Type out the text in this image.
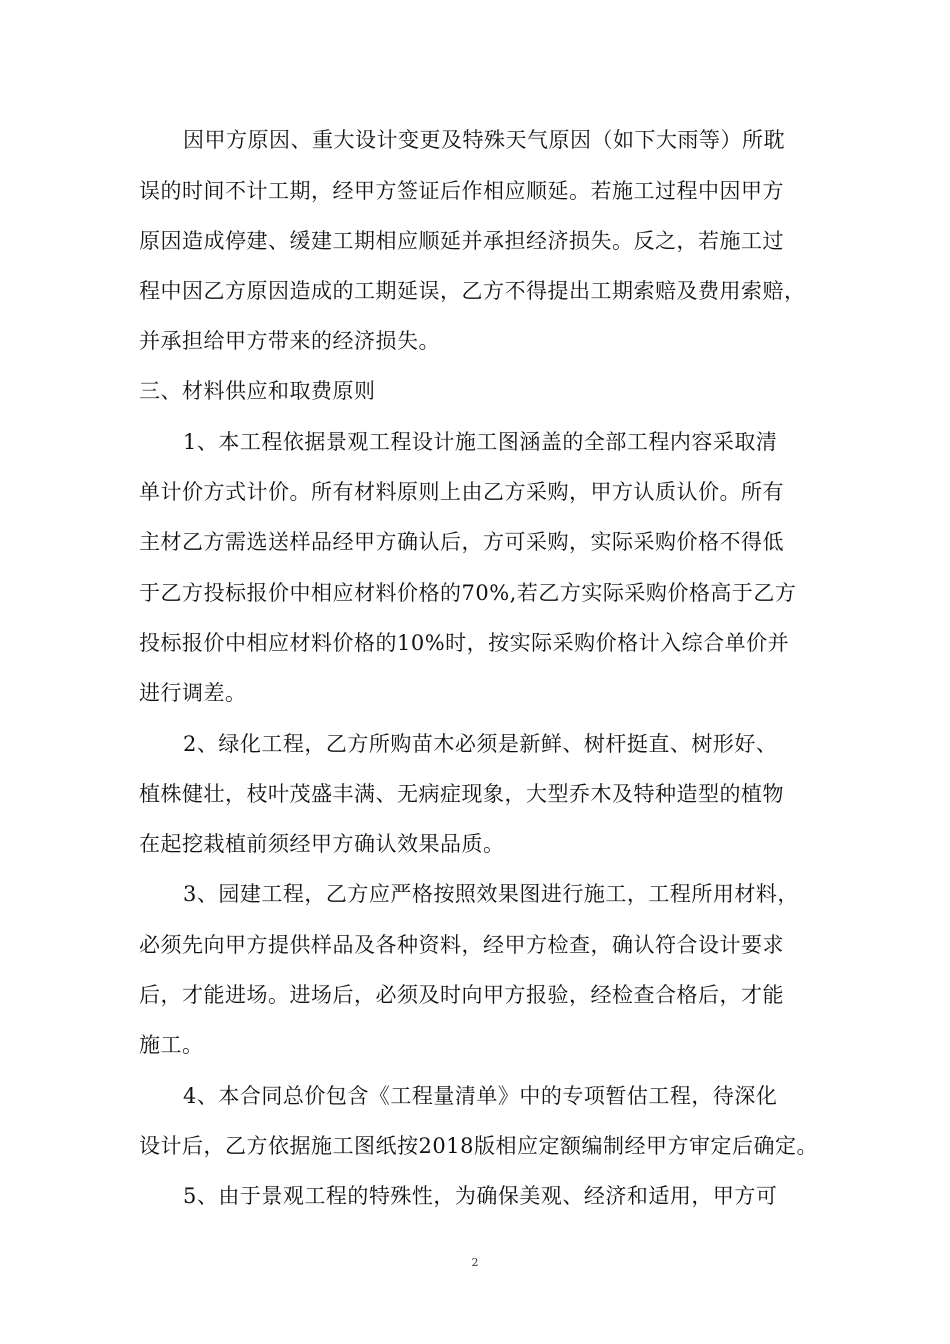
因甲方原因、重大设计变更及特殊天气原因（如下大雨等）所耽
误的时间不计工期，经甲方签证后作相应顺延。若施工过程中因甲方
原因造成停建、缓建工期相应顺延并承担经济损失。反之，若施工过
程中因乙方原因造成的工期延误，乙方不得提出工期索赔及费用索赔，
并承担给甲方带来的经济损失。
三、材料供应和取费原则
1、本工程依据景观工程设计施工图涵盖的全部工程内容采取清
单计价方式计价。所有材料原则上由乙方采购，甲方认质认价。所有
主材乙方需选送样品经甲方确认后，方可采购，实际采购价格不得低
于乙方投标报价中相应材料价格的70%,若乙方实际采购价格高于乙方
投标报价中相应材料价格的10%时，按实际采购价格计入综合单价并
进行调差。
2、绿化工程，乙方所购苗木必须是新鲜、树杆挺直、树形好、
植株健壮，枝叶茂盛丰满、无病症现象，大型乔木及特种造型的植物
在起挖栽植前须经甲方确认效果品质。
3、园建工程，乙方应严格按照效果图进行施工，工程所用材料，
必须先向甲方提供样品及各种资料，经甲方检查，确认符合设计要求
后，才能进场。进场后，必须及时向甲方报验，经检查合格后，才能
施工。
4、本合同总价包含《工程量清单》中的专项暂估工程，待深化
设计后，乙方依据施工图纸按2018版相应定额编制经甲方审定后确定。
5、由于景观工程的特殊性，为确保美观、经济和适用，甲方可
2
